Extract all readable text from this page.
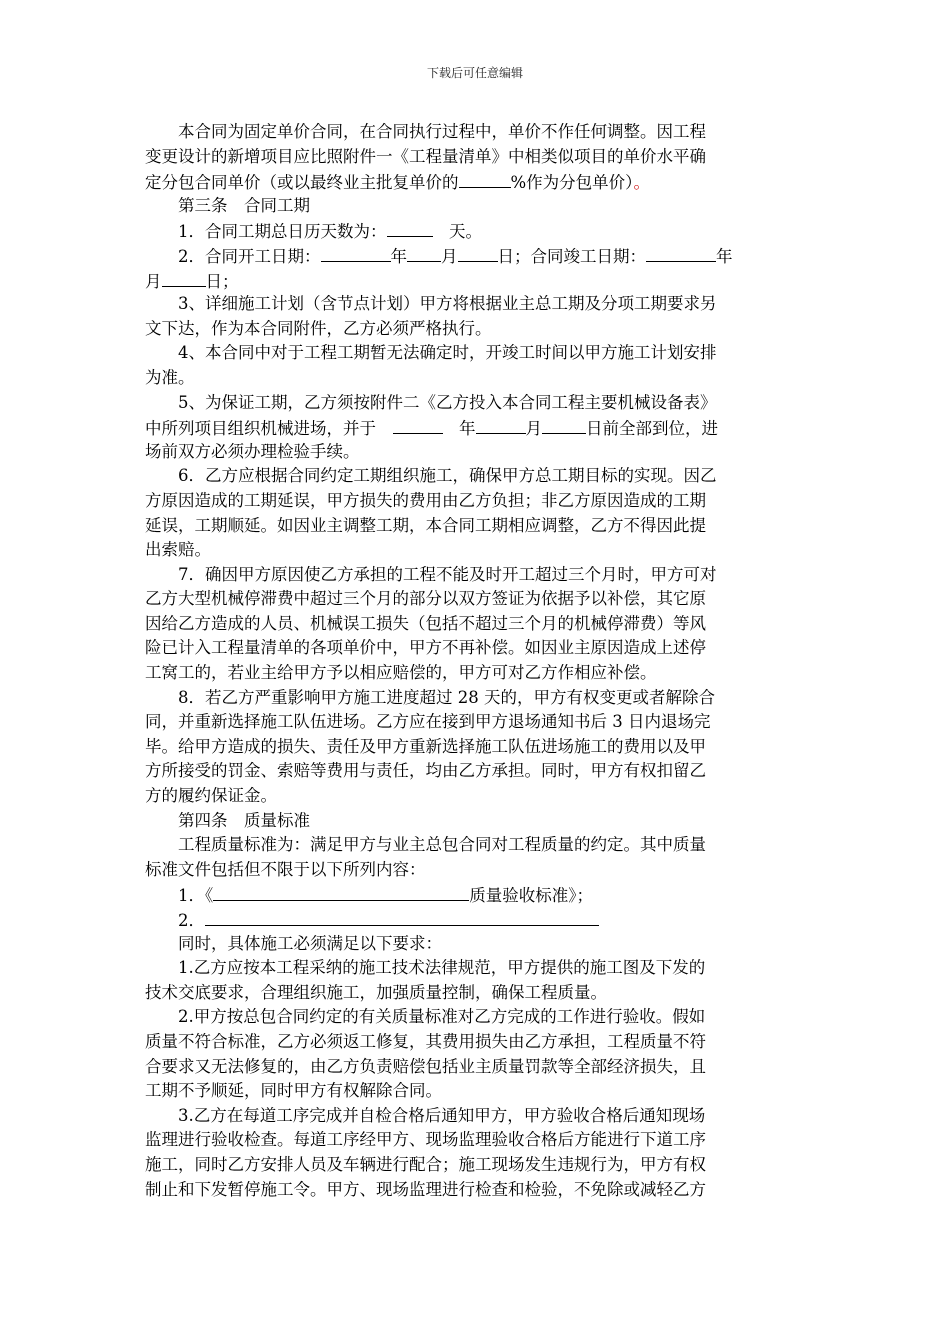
下载后可任意编辑
　　本合同为固定单价合同，在合同执行过程中，单价不作任何调整。因工程
变更设计的新增项目应比照附件一《工程量清单》中相类似项目的单价水平确
定分包合同单价（或以最终业主批复单价的	%作为分包单价）。
　　第三条　合同工期
　　1．合同工期总日历天数为：	　天。
　　2．合同开工日期：	年 月 日；合同竣工日期：	年
月	日；
　　3、详细施工计划（含节点计划）甲方将根据业主总工期及分项工期要求另
文下达，作为本合同附件，乙方必须严格执行。
　　4、本合同中对于工程工期暂无法确定时，开竣工时间以甲方施工计划安排
为准。
　　5、为保证工期，乙方须按附件二《乙方投入本合同工程主要机械设备表》
中所列项目组织机械进场，并于　	　年	月	日前全部到位，进
场前双方必须办理检验手续。
　　6．乙方应根据合同约定工期组织施工，确保甲方总工期目标的实现。因乙
方原因造成的工期延误，甲方损失的费用由乙方负担；非乙方原因造成的工期
延误，工期顺延。如因业主调整工期，本合同工期相应调整，乙方不得因此提
出索赔。
　　7．确因甲方原因使乙方承担的工程不能及时开工超过三个月时，甲方可对
乙方大型机械停滞费中超过三个月的部分以双方签证为依据予以补偿，其它原
因给乙方造成的人员、机械误工损失（包括不超过三个月的机械停滞费）等风
险已计入工程量清单的各项单价中，甲方不再补偿。如因业主原因造成上述停
工窝工的，若业主给甲方予以相应赔偿的，甲方可对乙方作相应补偿。
　　8．若乙方严重影响甲方施工进度超过 28 天的，甲方有权变更或者解除合
同，并重新选择施工队伍进场。乙方应在接到甲方退场通知书后 3 日内退场完
毕。给甲方造成的损失、责任及甲方重新选择施工队伍进场施工的费用以及甲
方所接受的罚金、索赔等费用与责任，均由乙方承担。同时，甲方有权扣留乙
方的履约保证金。
　　第四条　质量标准
　　工程质量标准为：满足甲方与业主总包合同对工程质量的约定。其中质量
标准文件包括但不限于以下所列内容：
　　1．《	质量验收标准》；
　　2．
　　同时，具体施工必须满足以下要求：
　　1.乙方应按本工程采纳的施工技术法律规范，甲方提供的施工图及下发的
技术交底要求，合理组织施工，加强质量控制，确保工程质量。
　　2.甲方按总包合同约定的有关质量标准对乙方完成的工作进行验收。假如
质量不符合标准，乙方必须返工修复，其费用损失由乙方承担，工程质量不符
合要求又无法修复的，由乙方负责赔偿包括业主质量罚款等全部经济损失，且
工期不予顺延，同时甲方有权解除合同。
　　3.乙方在每道工序完成并自检合格后通知甲方，甲方验收合格后通知现场
监理进行验收检查。每道工序经甲方、现场监理验收合格后方能进行下道工序
施工，同时乙方安排人员及车辆进行配合；施工现场发生违规行为，甲方有权
制止和下发暂停施工令。甲方、现场监理进行检查和检验，不免除或减轻乙方
